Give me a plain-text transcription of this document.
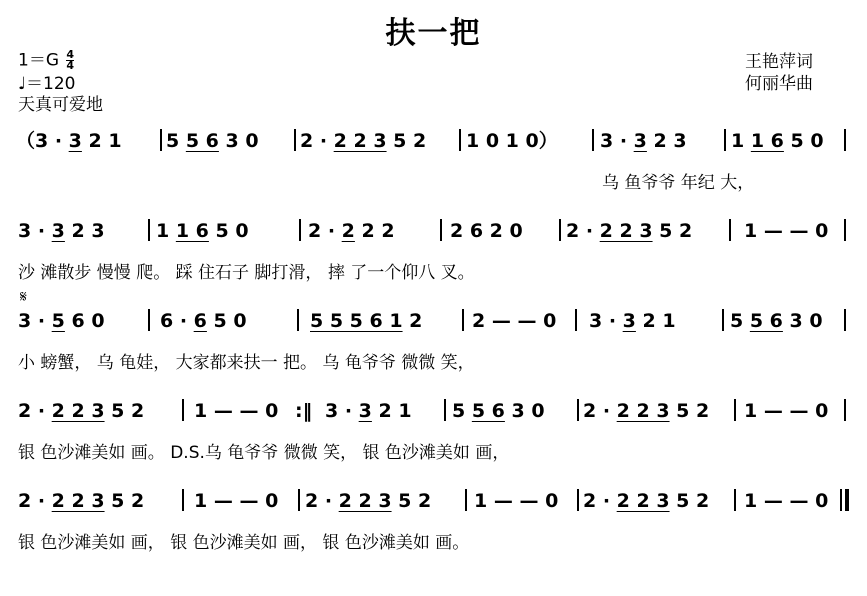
扶一把
$1=G \frac{4}{4}$
♩＝120
天真可爱地
王艳萍词
何丽华曲
（3 · 3 2 1	5 5 6 3 0	2 · 2 2 3 5 2	1 0 1 0）	3 · 3 2 3	1 1 6 5 0
乌 鱼爷爷 年纪 大，
3 · 3 2 3	1 1 6 5 0	2 · 2 2 2	2 6 2 0	2 · 2 2 3 5 2	1 — — 0
沙 滩散步 慢慢 爬。 踩 住石子 脚打滑， 摔 了一个仰八 叉。
𝄋
3 · 5 6 0	6 · 6 5 0	5 5 5 6 1 2	2 — — 0	3 · 3 2 1	5 5 6 3 0
小 螃蟹， 乌 龟娃， 大家都来扶一 把。 乌 龟爷爷 微微 笑，
2 · 2 2 3 5 2	1 — — 0 :‖ 3 · 3 2 1	5 5 6 3 0	2 · 2 2 3 5 2	1 — — 0
银 色沙滩美如 画。 D.S.乌 龟爷爷 微微 笑， 银 色沙滩美如 画，
2 · 2 2 3 5 2	1 — — 0	2 · 2 2 3 5 2	1 — — 0	2 · 2 2 3 5 2	1 — — 0
银 色沙滩美如 画， 银 色沙滩美如 画， 银 色沙滩美如 画。
